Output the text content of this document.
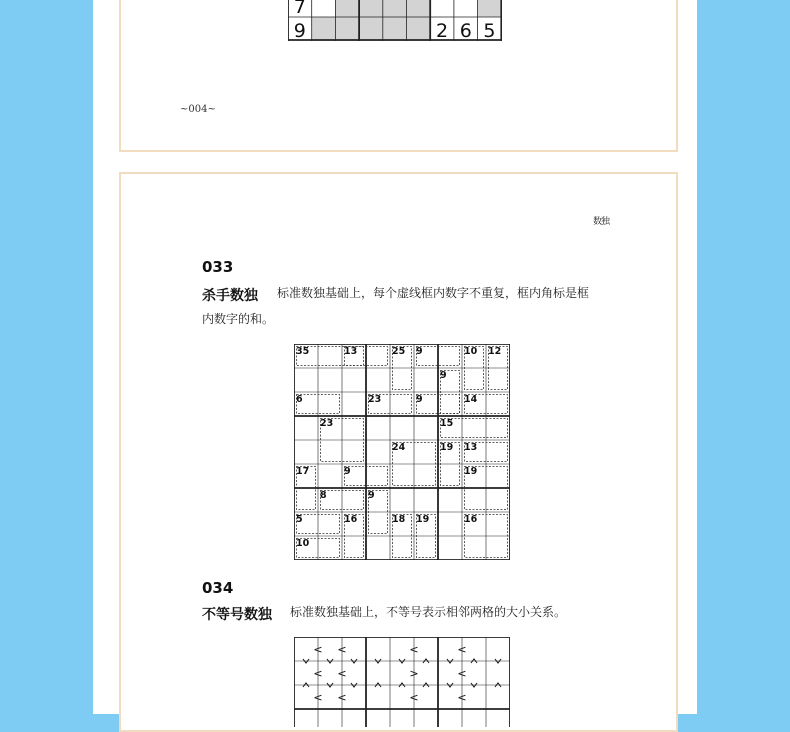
7
9	2 6 5
~004~
数独
033
杀手数独 标准数独基础上，每个虚线框内数字不重复，框内角标是框
内数字的和。
35	13	25 9	10 12
9
6	23	9	14
23	15
24	19 13
17	9	19
8	9
5	16	18 19	16
10
034
不等号数独 标准数独基础上，不等号表示相邻两格的大小关系。
< <	<	<
< <	>	<
< <	<	<
